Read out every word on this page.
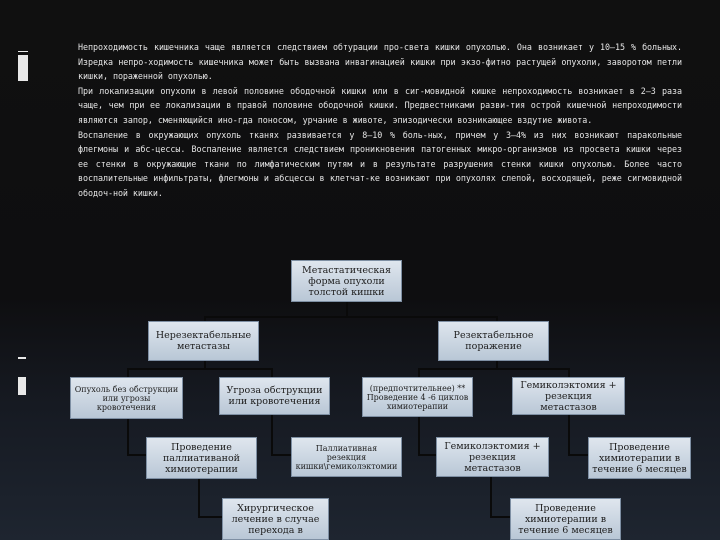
Непроходимость кишечника чаще является следствием обтурации про-света кишки опухолью. Она возникает у 10–15 % больных. Изредка непро-ходимость кишечника может быть вызвана инвагинацией кишки при экзо-фитно растущей опухоли, заворотом петли кишки, пораженной опухолью.

При локализации опухоли в левой половине ободочной кишки или в сиг-мовидной кишке непроходимость возникает в 2—3 раза чаще, чем при ее локализации в правой половине ободочной кишки. Предвестниками разви-тия острой кишечной непроходимости являются запор, сменяющийся ино-гда поносом, урчание в животе, эпизодически возникающее вздутие живота.

Воспаление в окружающих опухоль тканях развивается у 8–10 % боль-ных, причем у 3–4% из них возникают паракольные флегмоны и абс-цессы. Воспаление является следствием проникновения патогенных микро-организмов из просвета кишки через ее стенки в окружающие ткани по лимфатическим путям и в результате разрушения стенки кишки опухолью. Более часто воспалительные инфильтраты, флегмоны и абсцессы в клетчат-ке возникают при опухолях слепой, восходящей, реже сигмовидной ободоч-ной кишки.

Метастатическая форма опухоли толстой кишки
Нерезектабельные метастазы
Резектабельное поражение
Опухоль без обструкции или угрозы кровотечения
Угроза обструкции или кровотечения
(предпочтительнее) ** Проведение 4 -6 циклов химиотерапии
Гемиколэктомия + резекция метастазов
Проведение паллиативаной химиотерапии
Паллиативная резекция кишки\гемиколэктомии
Гемиколэктомия + резекция метастазов
Проведение химиотерапии в течение 6 месяцев
Хирургическое лечение в случае перехода в
Проведение химиотерапии в течение 6 месяцев
